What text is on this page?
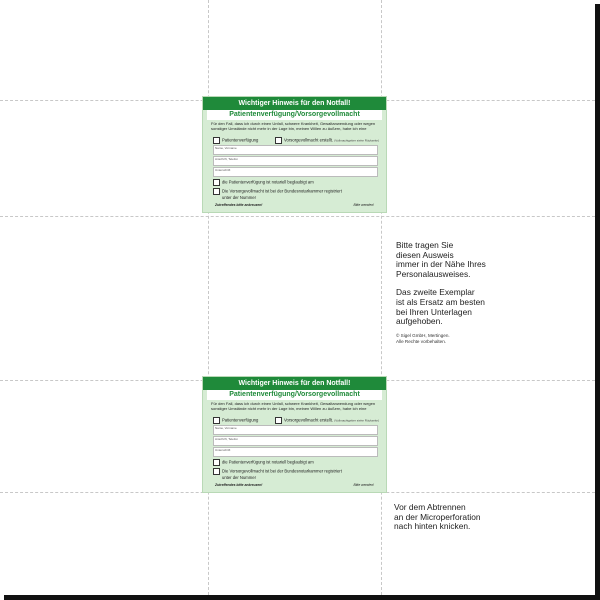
Wichtiger Hinweis für den Notfall!
Patientenverfügung/Vorsorgevollmacht
Für den Fall, dass ich durch einen Unfall, schwere Krankheit, Gewaltanwendung oder wegen sonstiger Umstände nicht mehr in der Lage bin, meinen Willen zu äußern, habe ich eine
Patientenverfügung	Vorsorgevollmacht erstellt. (Vollmachtgeber siehe Rückseite)
Name, Vorname
Anschrift, Telefon
Unterschrift
die Patientenverfügung ist notariell beglaubigt am
Die Vorsorgevollmacht ist bei der Bundesnotarkammer registriert
unter der Nummer
Zutreffendes bitte ankreuzen!	Bitte wenden!
Wichtiger Hinweis für den Notfall!
Patientenverfügung/Vorsorgevollmacht
Für den Fall, dass ich durch einen Unfall, schwere Krankheit, Gewaltanwendung oder wegen sonstiger Umstände nicht mehr in der Lage bin, meinen Willen zu äußern, habe ich eine
Patientenverfügung	Vorsorgevollmacht erstellt. (Vollmachtgeber siehe Rückseite)
Name, Vorname
Anschrift, Telefon
Unterschrift
die Patientenverfügung ist notariell beglaubigt am
Die Vorsorgevollmacht ist bei der Bundesnotarkammer registriert
unter der Nummer
Zutreffendes bitte ankreuzen!	Bitte wenden!
Bitte tragen Sie
diesen Ausweis
immer in der Nähe Ihres
Personalausweises.
Das zweite Exemplar
ist als Ersatz am besten
bei Ihren Unterlagen
aufgehoben.
© Sigel GmbH, Mertingen.
Alle Rechte vorbehalten.
Vor dem Abtrennen
an der Microperforation
nach hinten knicken.
